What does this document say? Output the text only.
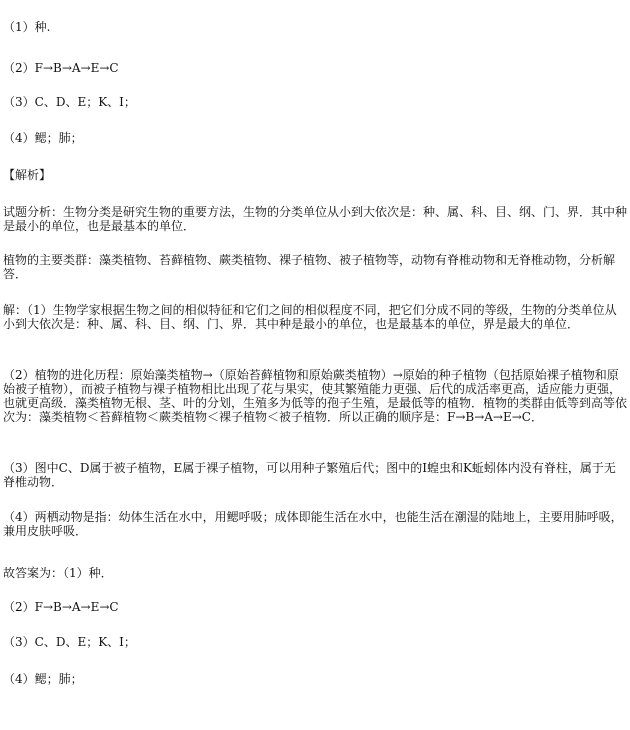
（1）种.

（2）F→B→A→E→C

（3）C、D、E；K、I；

（4）鳃；肺；

【解析】

试题分析：生物分类是研究生物的重要方法，生物的分类单位从小到大依次是：种、属、科、目、纲、门、界．其中种是最小的单位，也是最基本的单位．

植物的主要类群：藻类植物、苔藓植物、蕨类植物、裸子植物、被子植物等，动物有脊椎动物和无脊椎动物，分析解答．

解：（1）生物学家根据生物之间的相似特征和它们之间的相似程度不同，把它们分成不同的等级，生物的分类单位从小到大依次是：种、属、科、目、纲、门、界．其中种是最小的单位，也是最基本的单位，界是最大的单位．

（2）植物的进化历程：原始藻类植物→（原始苔藓植物和原始蕨类植物）→原始的种子植物（包括原始裸子植物和原始被子植物），而被子植物与裸子植物相比出现了花与果实，使其繁殖能力更强、后代的成活率更高，适应能力更强，也就更高级．藻类植物无根、茎、叶的分划，生殖多为低等的孢子生殖，是最低等的植物．植物的类群由低等到高等依次为：藻类植物＜苔藓植物＜蕨类植物＜裸子植物＜被子植物．所以正确的顺序是：F→B→A→E→C．

（3）图中C、D属于被子植物，E属于裸子植物，可以用种子繁殖后代；图中的I蝗虫和K蚯蚓体内没有脊柱，属于无脊椎动物．

（4）两栖动物是指：幼体生活在水中，用鳃呼吸；成体即能生活在水中，也能生活在潮湿的陆地上，主要用肺呼吸，兼用皮肤呼吸．

故答案为：（1）种．

（2）F→B→A→E→C

（3）C、D、E；K、I；

（4）鳃；肺；
